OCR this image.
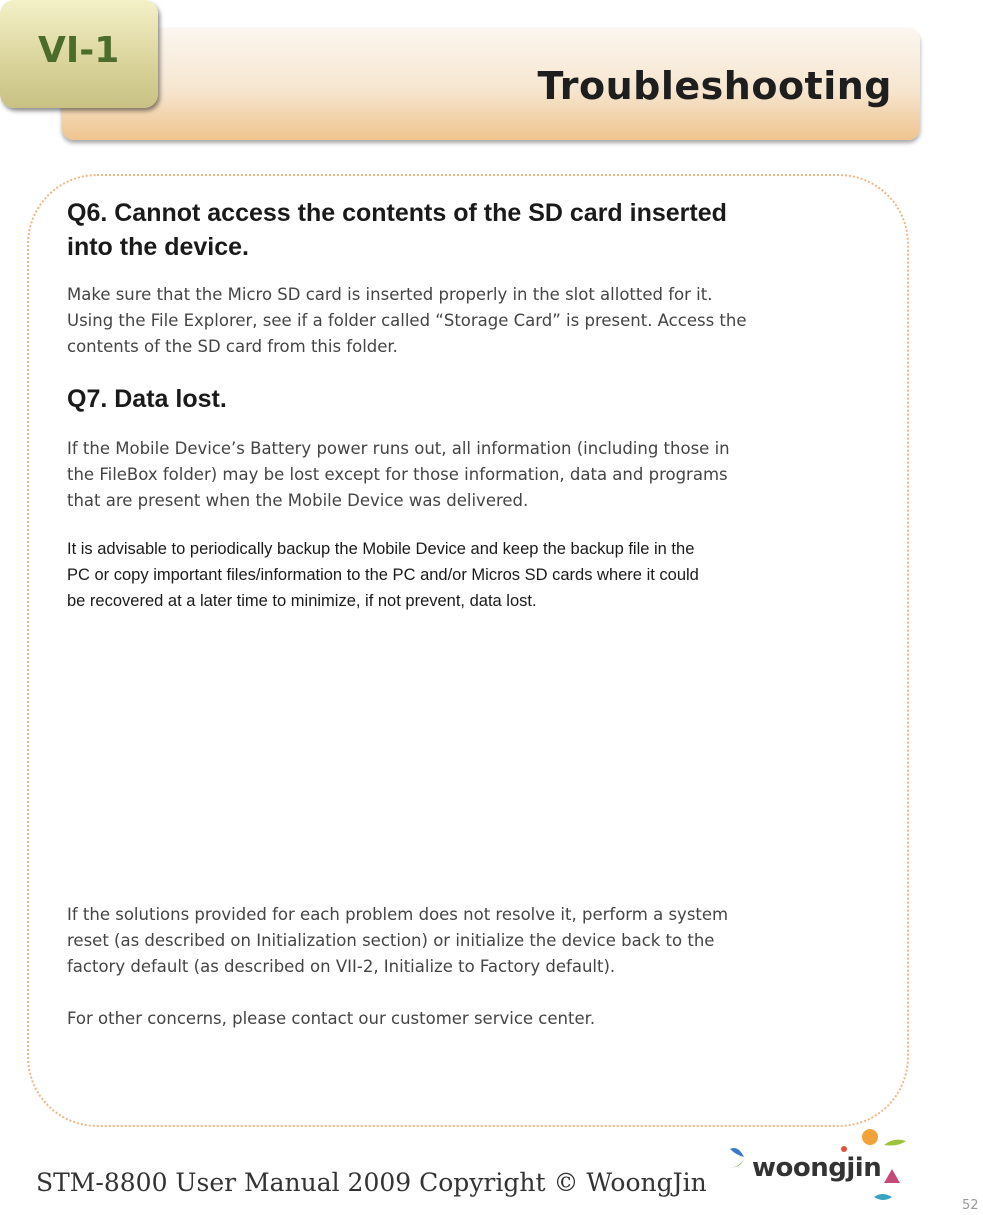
Troubleshooting
VI-1

Q6. Cannot access the contents of the SD card inserted

into the device.

Make sure that the Micro SD card is inserted properly in the slot allotted for it.

Using the File Explorer, see if a folder called “Storage Card” is present. Access the

contents of the SD card from this folder.

Q7. Data lost.

If the Mobile Device’s Battery power runs out, all information (including those in

the FileBox folder) may be lost except for those information, data and programs

that are present when the Mobile Device was delivered.

It is advisable to periodically backup the Mobile Device and keep the backup file in the

PC or copy important files/information to the PC and/or Micros SD cards where it could

be recovered at a later time to minimize, if not prevent, data lost.

If the solutions provided for each problem does not resolve it, perform a system

reset (as described on Initialization section) or initialize the device back to the

factory default (as described on VII-2, Initialize to Factory default).

For other concerns, please contact our customer service center.

STM-8800 User Manual 2009 Copyright © WoongJin woongjin
52
